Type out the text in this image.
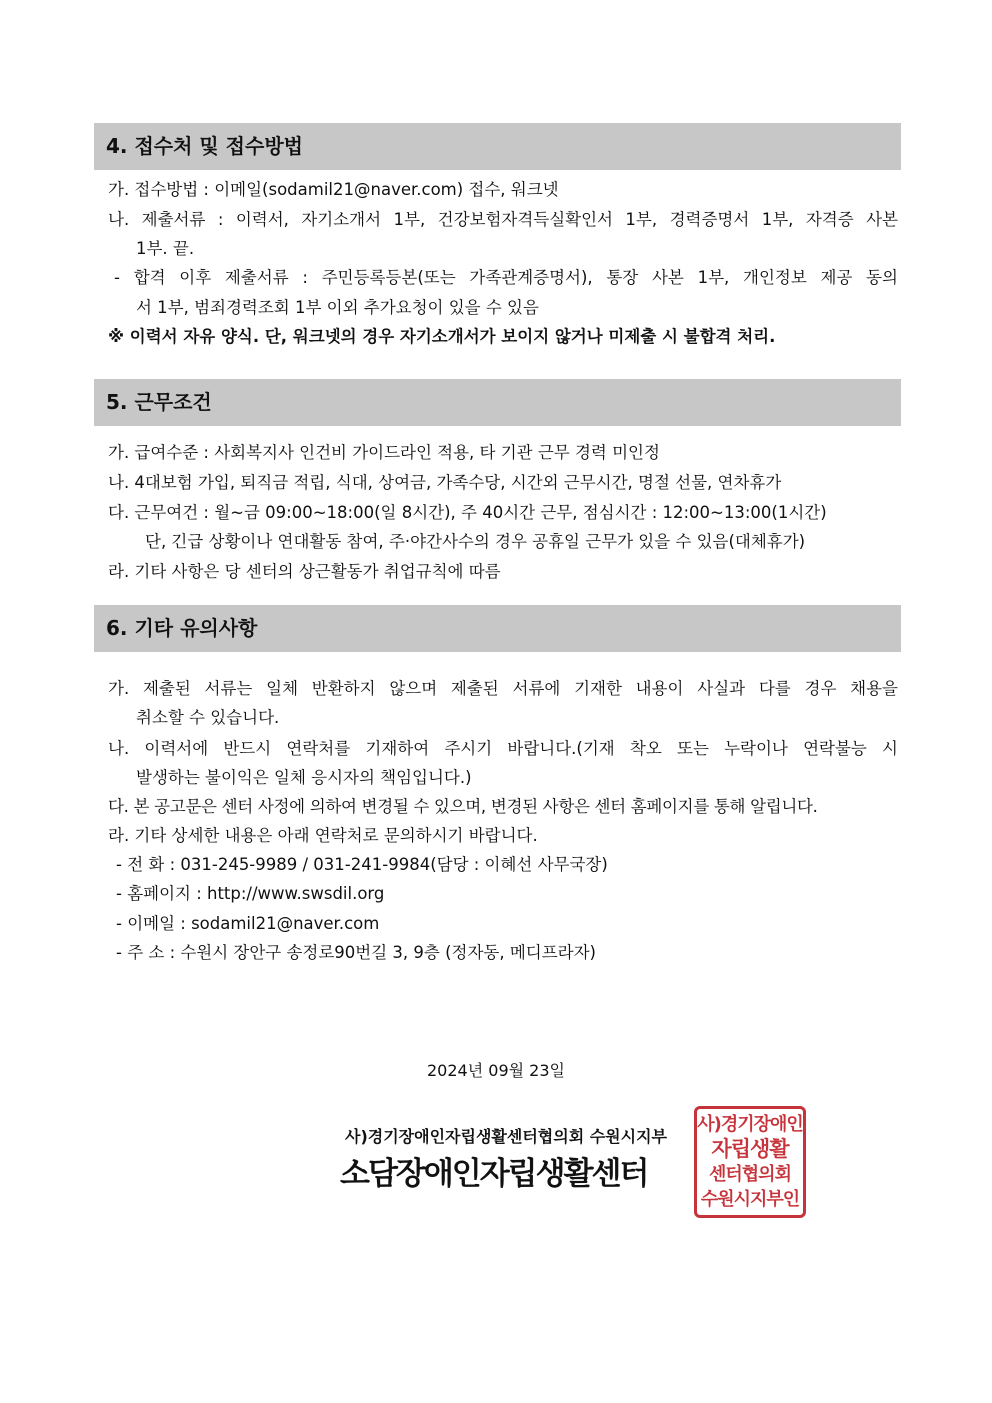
4. 접수처 및 접수방법
가. 접수방법 : 이메일(sodamil21@naver.com) 접수, 워크넷
나. 제출서류 : 이력서, 자기소개서 1부, 건강보험자격득실확인서 1부, 경력증명서 1부, 자격증 사본
1부. 끝.
- 합격 이후 제출서류 : 주민등록등본(또는 가족관계증명서), 통장 사본 1부, 개인정보 제공 동의
서 1부, 범죄경력조회 1부 이외 추가요청이 있을 수 있음
※ 이력서 자유 양식. 단, 워크넷의 경우 자기소개서가 보이지 않거나 미제출 시 불합격 처리.
5. 근무조건
가. 급여수준 : 사회복지사 인건비 가이드라인 적용, 타 기관 근무 경력 미인정
나. 4대보험 가입, 퇴직금 적립, 식대, 상여금, 가족수당, 시간외 근무시간, 명절 선물, 연차휴가
다. 근무여건 : 월~금 09:00~18:00(일 8시간), 주 40시간 근무, 점심시간 : 12:00~13:00(1시간)
단, 긴급 상황이나 연대활동 참여, 주·야간사수의 경우 공휴일 근무가 있을 수 있음(대체휴가)
라. 기타 사항은 당 센터의 상근활동가 취업규칙에 따름
6. 기타 유의사항
가. 제출된 서류는 일체 반환하지 않으며 제출된 서류에 기재한 내용이 사실과 다를 경우 채용을
취소할 수 있습니다.
나. 이력서에 반드시 연락처를 기재하여 주시기 바랍니다.(기재 착오 또는 누락이나 연락불능 시
발생하는 불이익은 일체 응시자의 책임입니다.)
다. 본 공고문은 센터 사정에 의하여 변경될 수 있으며, 변경된 사항은 센터 홈페이지를 통해 알립니다.
라. 기타 상세한 내용은 아래 연락처로 문의하시기 바랍니다.
- 전 화 : 031-245-9989 / 031-241-9984(담당 : 이혜선 사무국장)
- 홈페이지 : http://www.swsdil.org
- 이메일 : sodamil21@naver.com
- 주 소 : 수원시 장안구 송정로90번길 3, 9층 (정자동, 메디프라자)
2024년 09월 23일
사)경기장애인자립생활센터협의회 수원시지부
소담장애인자립생활센터
사)경기장애인
자립생활
센터협의회
수원시지부인
